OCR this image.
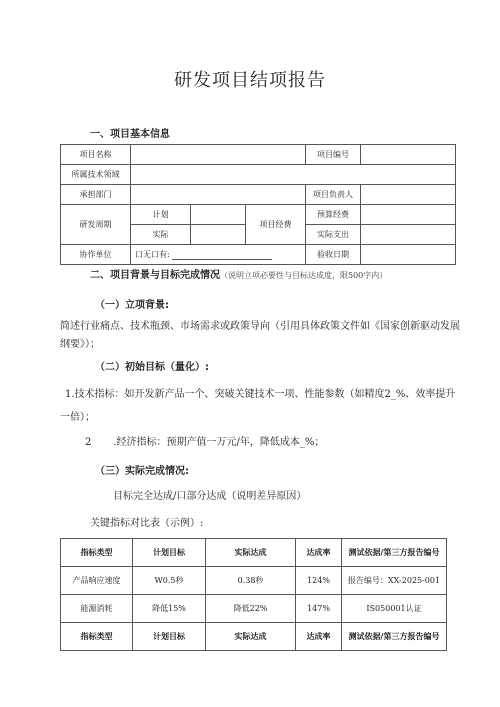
研发项目结项报告
一、项目基本信息
项目名称				项目编号	
所属技术领域					
承担部门				项目负责人	
研发周期	计划		项目经费	预算经费	
	实际			实际支出	
协作单位	口无口有:			验收日期	
二、项目背景与目标完成情况（说明立项必要性与目标达成度，限500字内）
（一）立项背景:
简述行业痛点、技术瓶颈、市场需求或政策导向（引用具体政策文件如《国家创新驱动发展纲要》）；
（二）初始目标（量化）:
1.技术指标：如开发新产品一个、突破关键技术一项、性能参数（如精度2_%、效率提升一倍）；
2 .经济指标：预期产值一万元/年，降低成本_%；
（三）实际完成情况:
目标完全达成/口部分达成（说明差异原因）
关键指标对比表（示例）:
指标类型	计划目标	实际达成	达成率	测试依据/第三方报告编号
产品响应速度	W0.5秒	0.38秒	124%	报告编号：XX-2025-001
能源消耗	降低15%	降低22%	147%	IS050001认证
指标类型	计划目标	实际达成	达成率	测试依据/第三方报告编号
